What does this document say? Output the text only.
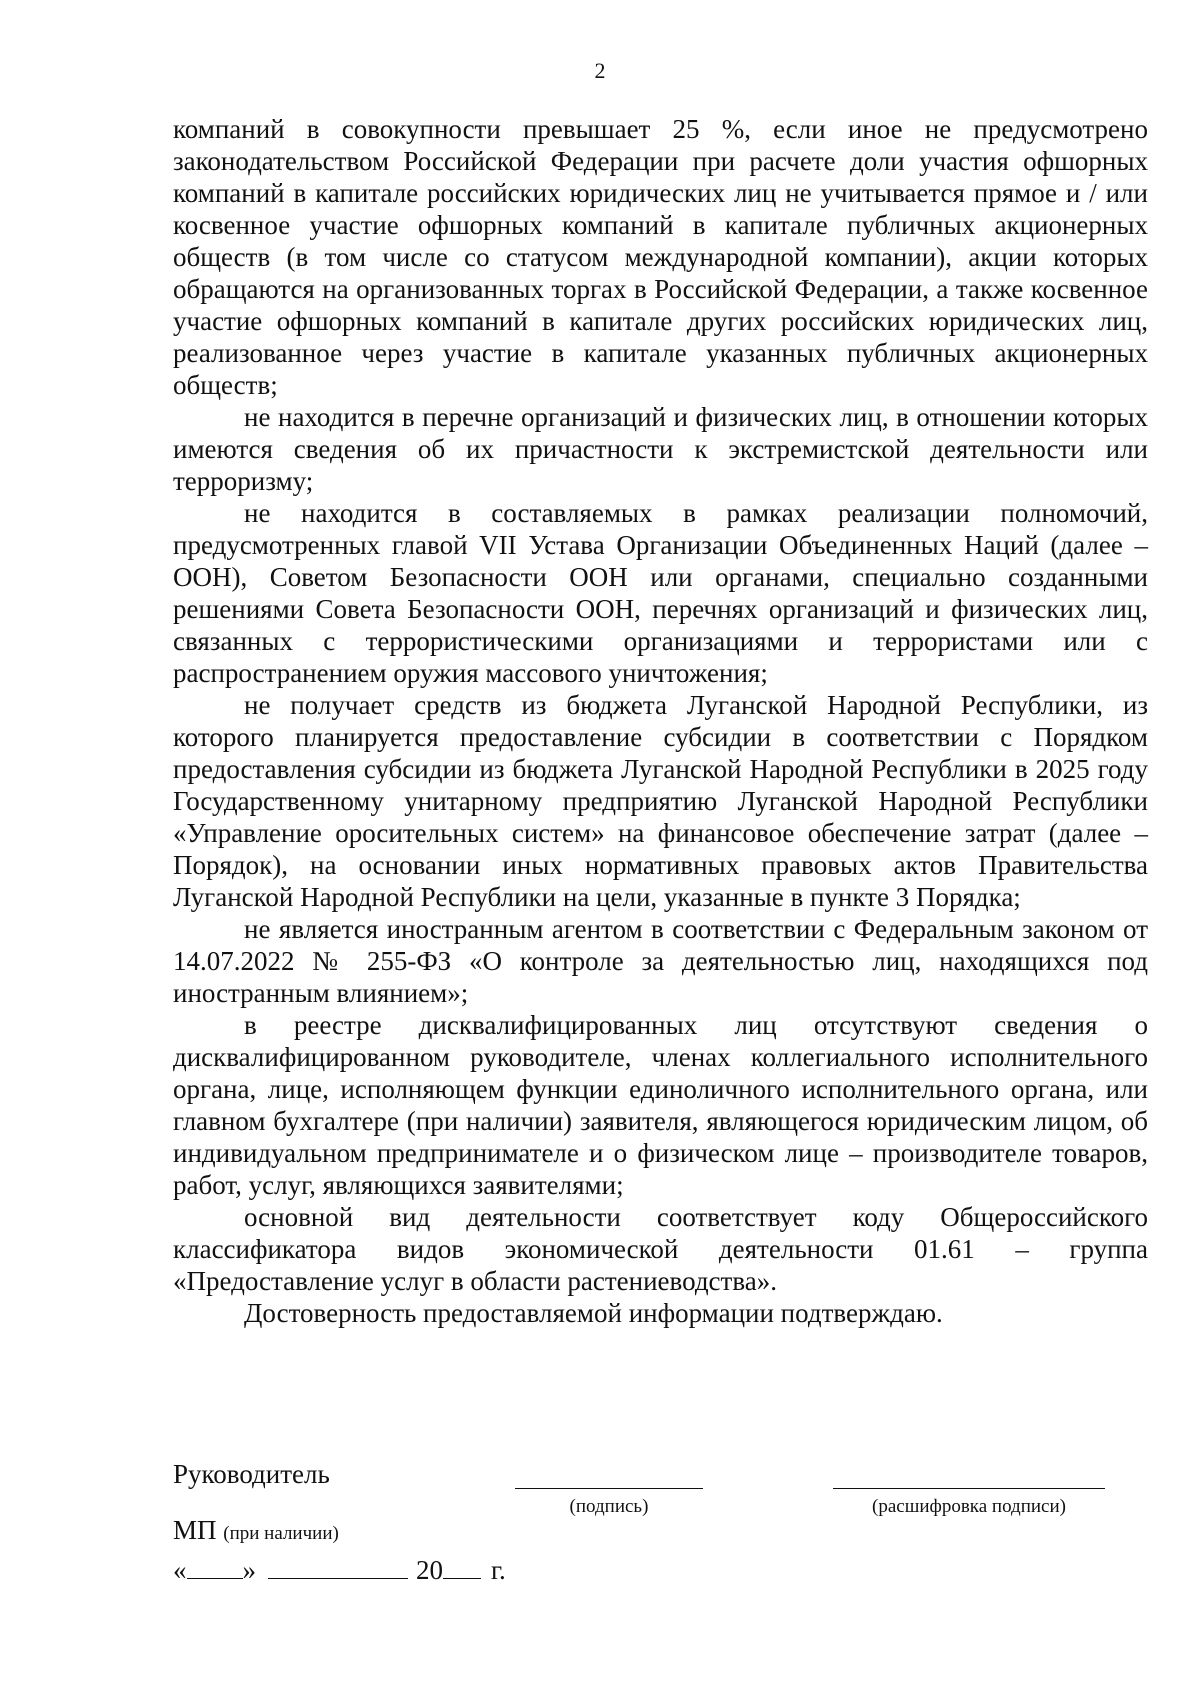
2

компаний в совокупности превышает 25 %, если иное не предусмотрено законодательством Российской Федерации при расчете доли участия офшорных компаний в капитале российских юридических лиц не учитывается прямое и / или косвенное участие офшорных компаний в капитале публичных акционерных обществ (в том числе со статусом международной компании), акции которых обращаются на организованных торгах в Российской Федерации, а также косвенное участие офшорных компаний в капитале других российских юридических лиц, реализованное через участие в капитале указанных публичных акционерных обществ;

не находится в перечне организаций и физических лиц, в отношении которых имеются сведения об их причастности к экстремистской деятельности или терроризму;

не находится в составляемых в рамках реализации полномочий, предусмотренных главой VII Устава Организации Объединенных Наций (далее – ООН), Советом Безопасности ООН или органами, специально созданными решениями Совета Безопасности ООН, перечнях организаций и физических лиц, связанных с террористическими организациями и террористами или с распространением оружия массового уничтожения;

не получает средств из бюджета Луганской Народной Республики, из которого планируется предоставление субсидии в соответствии с Порядком предоставления субсидии из бюджета Луганской Народной Республики в 2025 году Государственному унитарному предприятию Луганской Народной Республики «Управление оросительных систем» на финансовое обеспечение затрат (далее – Порядок), на основании иных нормативных правовых актов Правительства Луганской Народной Республики на цели, указанные в пункте 3 Порядка;

не является иностранным агентом в соответствии с Федеральным законом от 14.07.2022 № 255-ФЗ «О контроле за деятельностью лиц, находящихся под иностранным влиянием»;

в реестре дисквалифицированных лиц отсутствуют сведения о дисквалифицированном руководителе, членах коллегиального исполнительного органа, лице, исполняющем функции единоличного исполнительного органа, или главном бухгалтере (при наличии) заявителя, являющегося юридическим лицом, об индивидуальном предпринимателе и о физическом лице – производителе товаров, работ, услуг, являющихся заявителями;

основной вид деятельности соответствует коду Общероссийского классификатора видов экономической деятельности 01.61 – группа «Предоставление услуг в области растениеводства».

Достоверность предоставляемой информации подтверждаю.

Руководитель
(подпись)	(расшифровка подписи)
МП (при наличии)
« »	20 г.
